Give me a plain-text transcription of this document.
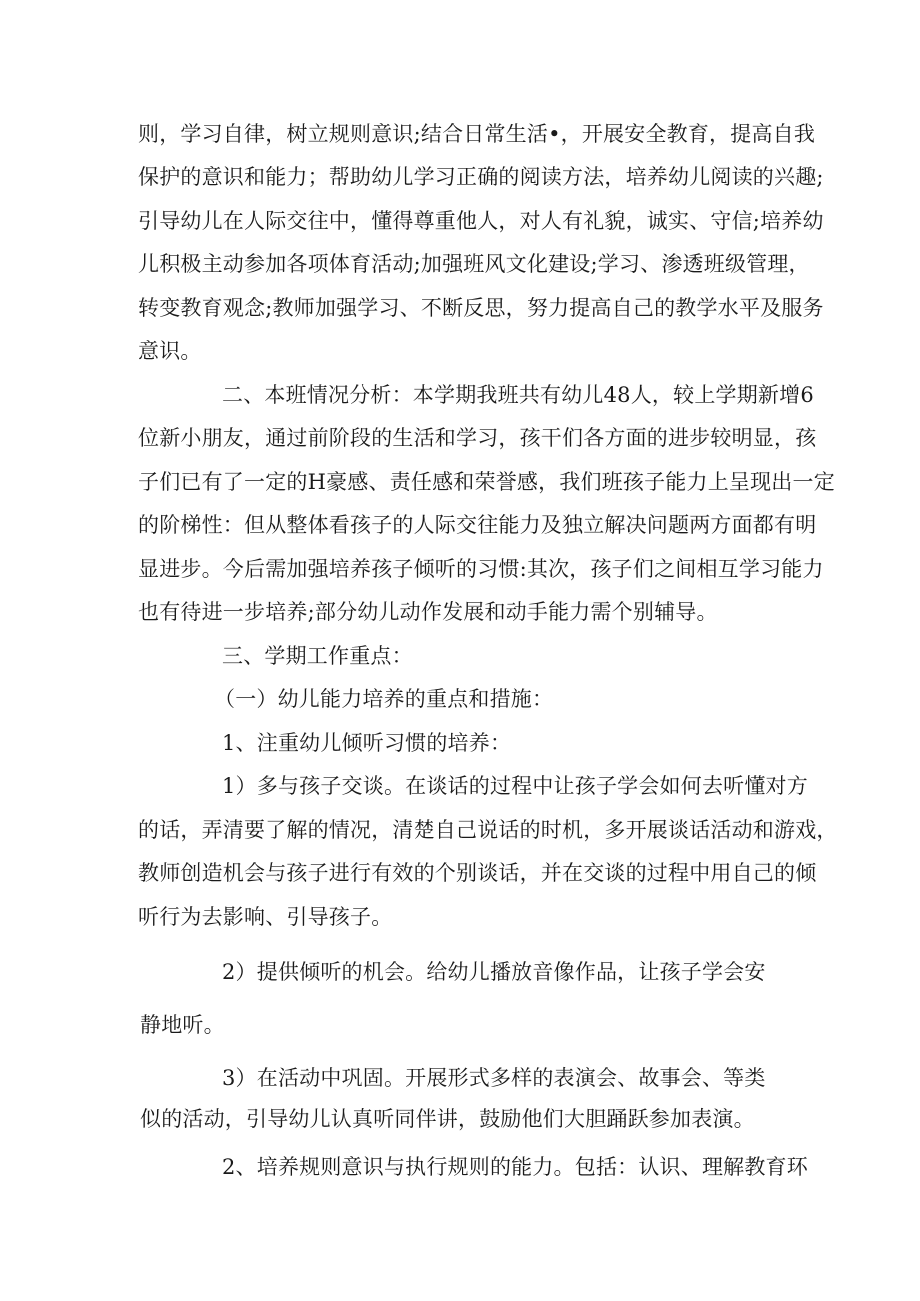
则，学习自律，树立规则意识;结合日常生活•，开展安全教育，提高自我
保护的意识和能力；帮助幼儿学习正确的阅读方法，培养幼儿阅读的兴趣;
引导幼儿在人际交往中，懂得尊重他人，对人有礼貌，诚实、守信;培养幼
儿积极主动参加各项体育活动;加强班风文化建设;学习、渗透班级管理，
转变教育观念;教师加强学习、不断反思，努力提高自己的教学水平及服务
意识。
二、本班情况分析：本学期我班共有幼儿48人，较上学期新增6
位新小朋友，通过前阶段的生活和学习，孩干们各方面的进步较明显，孩
子们已有了一定的H豪感、责任感和荣誉感，我们班孩子能力上呈现出一定
的阶梯性：但从整体看孩子的人际交往能力及独立解决问题两方面都有明
显进步。今后需加强培养孩子倾听的习惯:其次，孩子们之间相互学习能力
也有待进一步培养;部分幼儿动作发展和动手能力需个别辅导。
三、学期工作重点：
（一）幼儿能力培养的重点和措施：
1、注重幼儿倾听习惯的培养：
1）多与孩子交谈。在谈话的过程中让孩子学会如何去听懂对方
的话，弄清要了解的情况，清楚自己说话的时机，多开展谈话活动和游戏，
教师创造机会与孩子进行有效的个别谈话，并在交谈的过程中用自己的倾
听行为去影响、引导孩子。
2）提供倾听的机会。给幼儿播放音像作品，让孩子学会安
静地听。
3）在活动中巩固。开展形式多样的表演会、故事会、等类
似的活动，引导幼儿认真听同伴讲，鼓励他们大胆踊跃参加表演。
2、培养规则意识与执行规则的能力。包括：认识、理解教育环
